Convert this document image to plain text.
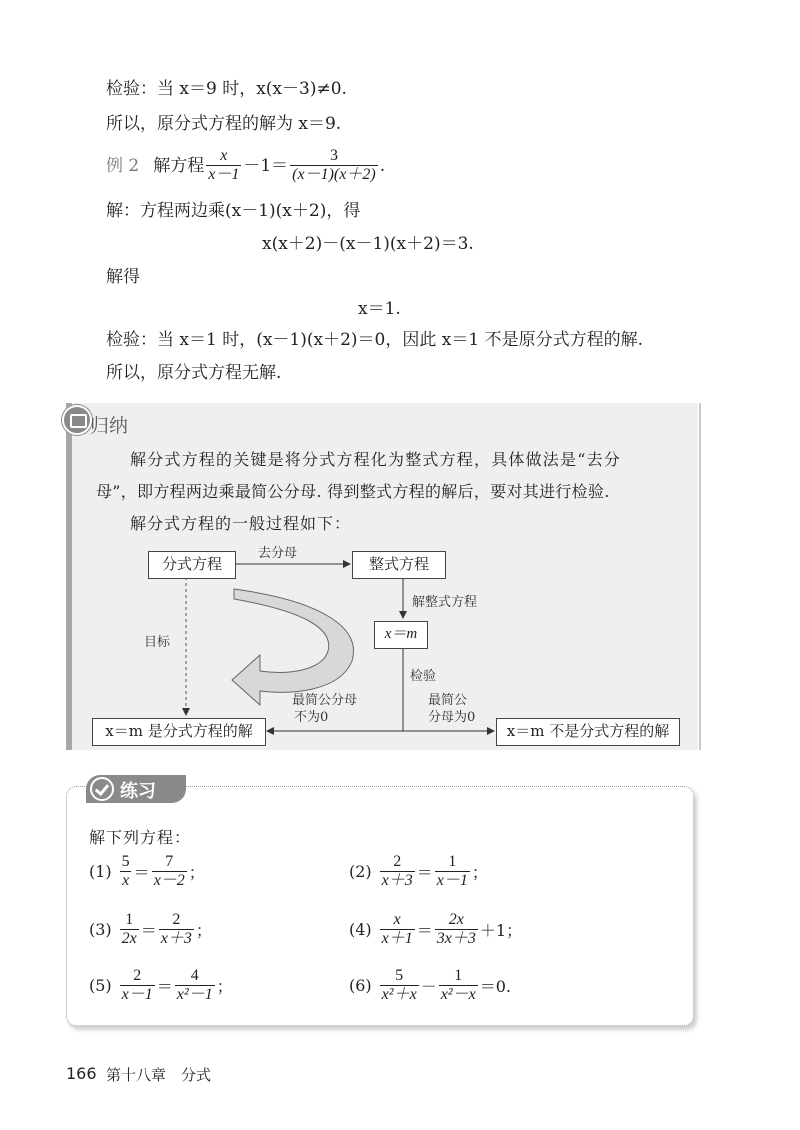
检验：当 x＝9 时，x(x－3)≠0.
所以，原分式方程的解为 x＝9.
例 2 解方程 $\frac{x}{x-1} -1= \frac{3}{(x-1)(x+2)}$ .
解：方程两边乘(x－1)(x＋2)，得
x(x＋2)－(x－1)(x＋2)＝3.
解得
x＝1.
检验：当 x＝1 时，(x－1)(x＋2)＝0，因此 x＝1 不是原分式方程的解.
所以，原分式方程无解.
归纳
解分式方程的关键是将分式方程化为整式方程，具体做法是“去分
母”，即方程两边乘最简公分母. 得到整式方程的解后，要对其进行检验.
解分式方程的一般过程如下：
分式方程	整式方程
x＝m
x＝m 是分式方程的解	x＝m 不是分式方程的解
去分母
解整式方程
目标
检验
最简公分母
不为0
最简公
分母为0
解下列方程：
$(1) \frac{5}{x} = \frac{7}{x-2}$ ；	$(2) \frac{2}{x+3} = \frac{1}{x-1}$ ；
$(3) \frac{1}{2x} = \frac{2}{x+3}$ ；	$(4) \frac{x}{x+1} = \frac{2x}{3x+3} +1$；
$(5) \frac{2}{x-1} = \frac{4}{\text{x²－1}}$ ；	$(6) \frac{5}{\text{x²＋x}} - \frac{1}{\text{x²－x}} =0$.
练习
166 第十八章　分式
